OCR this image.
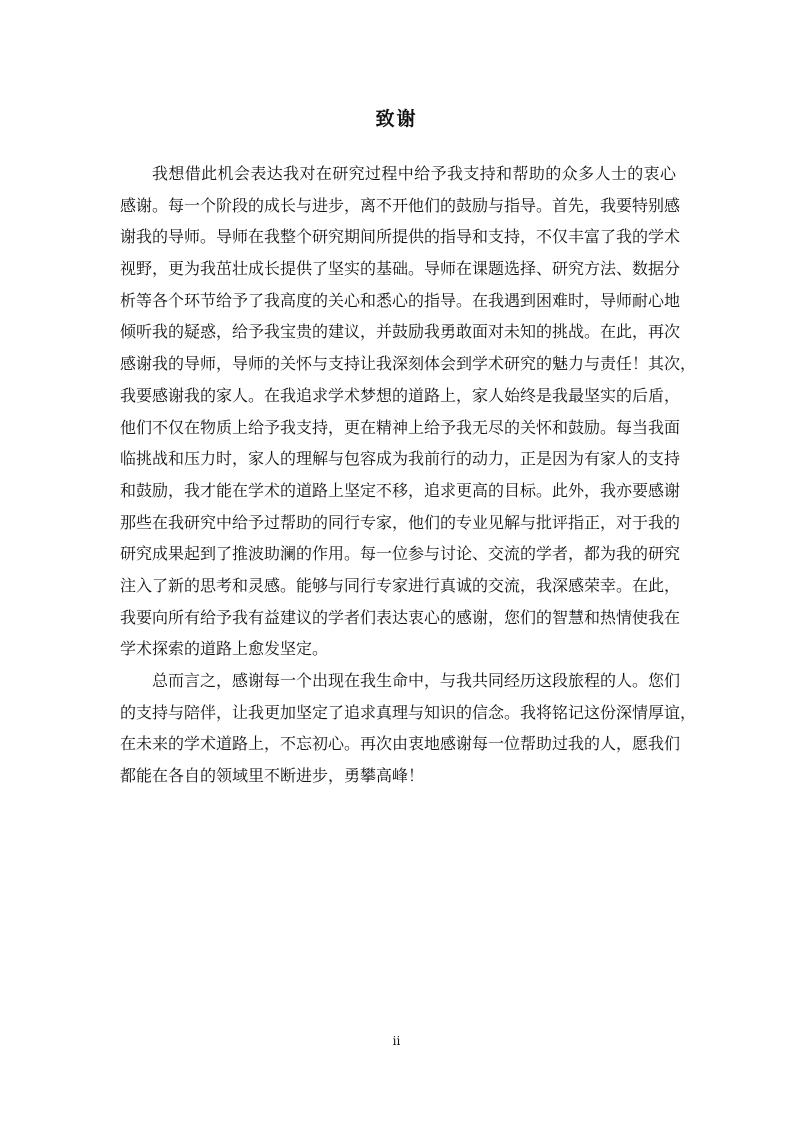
致谢
我想借此机会表达我对在研究过程中给予我支持和帮助的众多人士的衷心
感谢。每一个阶段的成长与进步，离不开他们的鼓励与指导。首先，我要特别感
谢我的导师。导师在我整个研究期间所提供的指导和支持，不仅丰富了我的学术
视野，更为我茁壮成长提供了坚实的基础。导师在课题选择、研究方法、数据分
析等各个环节给予了我高度的关心和悉心的指导。在我遇到困难时，导师耐心地
倾听我的疑惑，给予我宝贵的建议，并鼓励我勇敢面对未知的挑战。在此，再次
感谢我的导师，导师的关怀与支持让我深刻体会到学术研究的魅力与责任！其次，
我要感谢我的家人。在我追求学术梦想的道路上，家人始终是我最坚实的后盾，
他们不仅在物质上给予我支持，更在精神上给予我无尽的关怀和鼓励。每当我面
临挑战和压力时，家人的理解与包容成为我前行的动力，正是因为有家人的支持
和鼓励，我才能在学术的道路上坚定不移，追求更高的目标。此外，我亦要感谢
那些在我研究中给予过帮助的同行专家，他们的专业见解与批评指正，对于我的
研究成果起到了推波助澜的作用。每一位参与讨论、交流的学者，都为我的研究
注入了新的思考和灵感。能够与同行专家进行真诚的交流，我深感荣幸。在此，
我要向所有给予我有益建议的学者们表达衷心的感谢，您们的智慧和热情使我在
学术探索的道路上愈发坚定。
总而言之，感谢每一个出现在我生命中，与我共同经历这段旅程的人。您们
的支持与陪伴，让我更加坚定了追求真理与知识的信念。我将铭记这份深情厚谊，
在未来的学术道路上，不忘初心。再次由衷地感谢每一位帮助过我的人，愿我们
都能在各自的领域里不断进步，勇攀高峰！
ii
